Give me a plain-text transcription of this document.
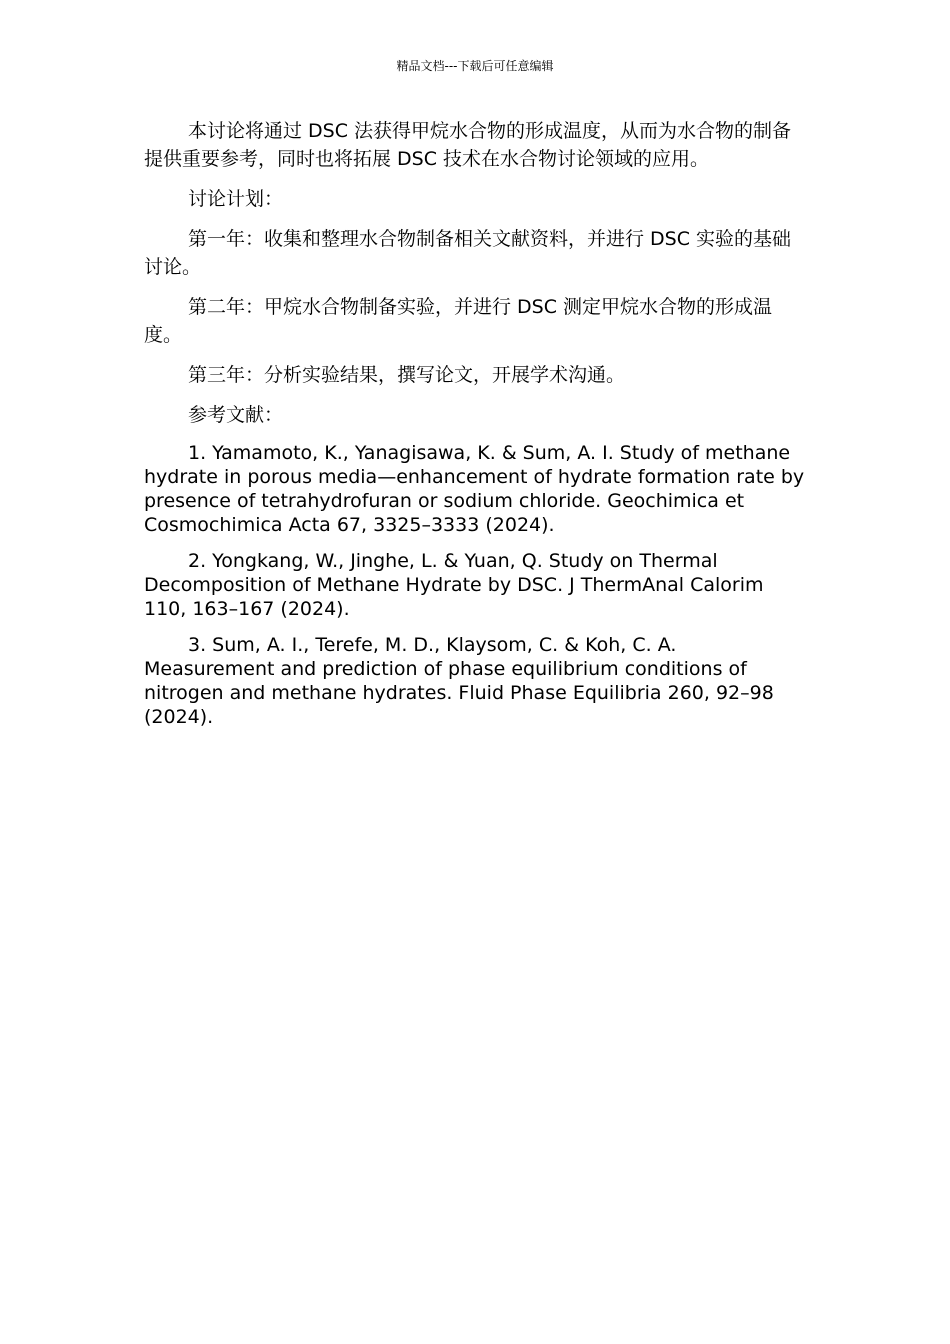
精品文档---下载后可任意编辑

本讨论将通过 DSC 法获得甲烷水合物的形成温度，从而为水合物的制备提供重要参考，同时也将拓展 DSC 技术在水合物讨论领域的应用。

讨论计划：

第一年：收集和整理水合物制备相关文献资料，并进行 DSC 实验的基础讨论。

第二年：甲烷水合物制备实验，并进行 DSC 测定甲烷水合物的形成温度。

第三年：分析实验结果，撰写论文，开展学术沟通。

参考文献：

1. Yamamoto, K., Yanagisawa, K. & Sum, A. I. Study of methane hydrate in porous media—enhancement of hydrate formation rate by presence of tetrahydrofuran or sodium chloride. Geochimica et Cosmochimica Acta 67, 3325–3333 (2024).

2. Yongkang, W., Jinghe, L. & Yuan, Q. Study on Thermal Decomposition of Methane Hydrate by DSC. J ThermAnal Calorim 110, 163–167 (2024).

3. Sum, A. I., Terefe, M. D., Klaysom, C. & Koh, C. A. Measurement and prediction of phase equilibrium conditions of nitrogen and methane hydrates. Fluid Phase Equilibria 260, 92–98 (2024).
